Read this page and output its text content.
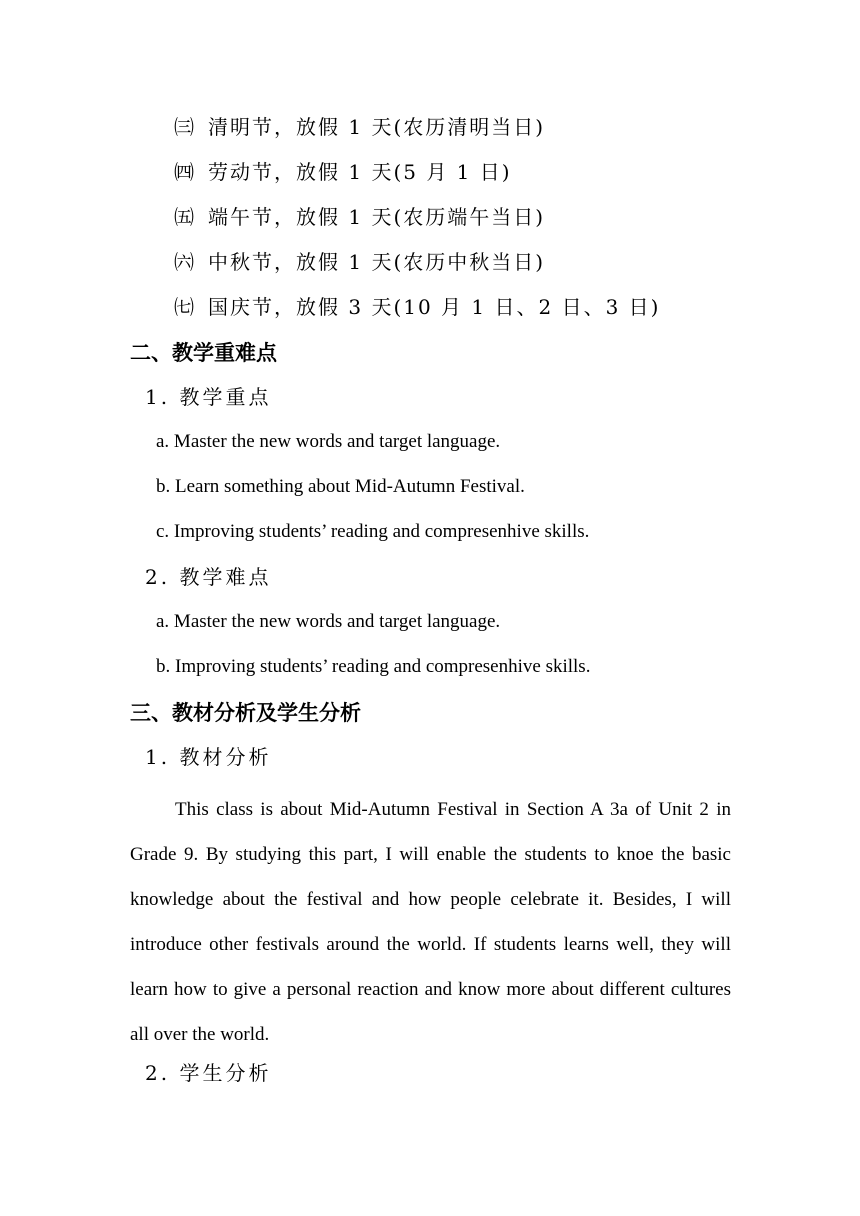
㈢ 清明节，放假 1 天(农历清明当日)
㈣ 劳动节，放假 1 天(5 月 1 日)
㈤ 端午节，放假 1 天(农历端午当日)
㈥ 中秋节，放假 1 天(农历中秋当日)
㈦ 国庆节，放假 3 天(10 月 1 日、2 日、3 日)
二、教学重难点
1. 教学重点
a. Master the new words and target language.
b. Learn something about Mid-Autumn Festival.
c. Improving students’ reading and compresenhive skills.
2. 教学难点
a. Master the new words and target language.
b. Improving students’ reading and compresenhive skills.
三、教材分析及学生分析
1. 教材分析
This class is about Mid-Autumn Festival in Section A 3a of Unit 2 in Grade 9. By studying this part, I will enable the students to knoe the basic knowledge about the festival and how people celebrate it. Besides, I will introduce other festivals around the world. If students learns well, they will learn how to give a personal reaction and know more about different cultures all over the world.
2. 学生分析
